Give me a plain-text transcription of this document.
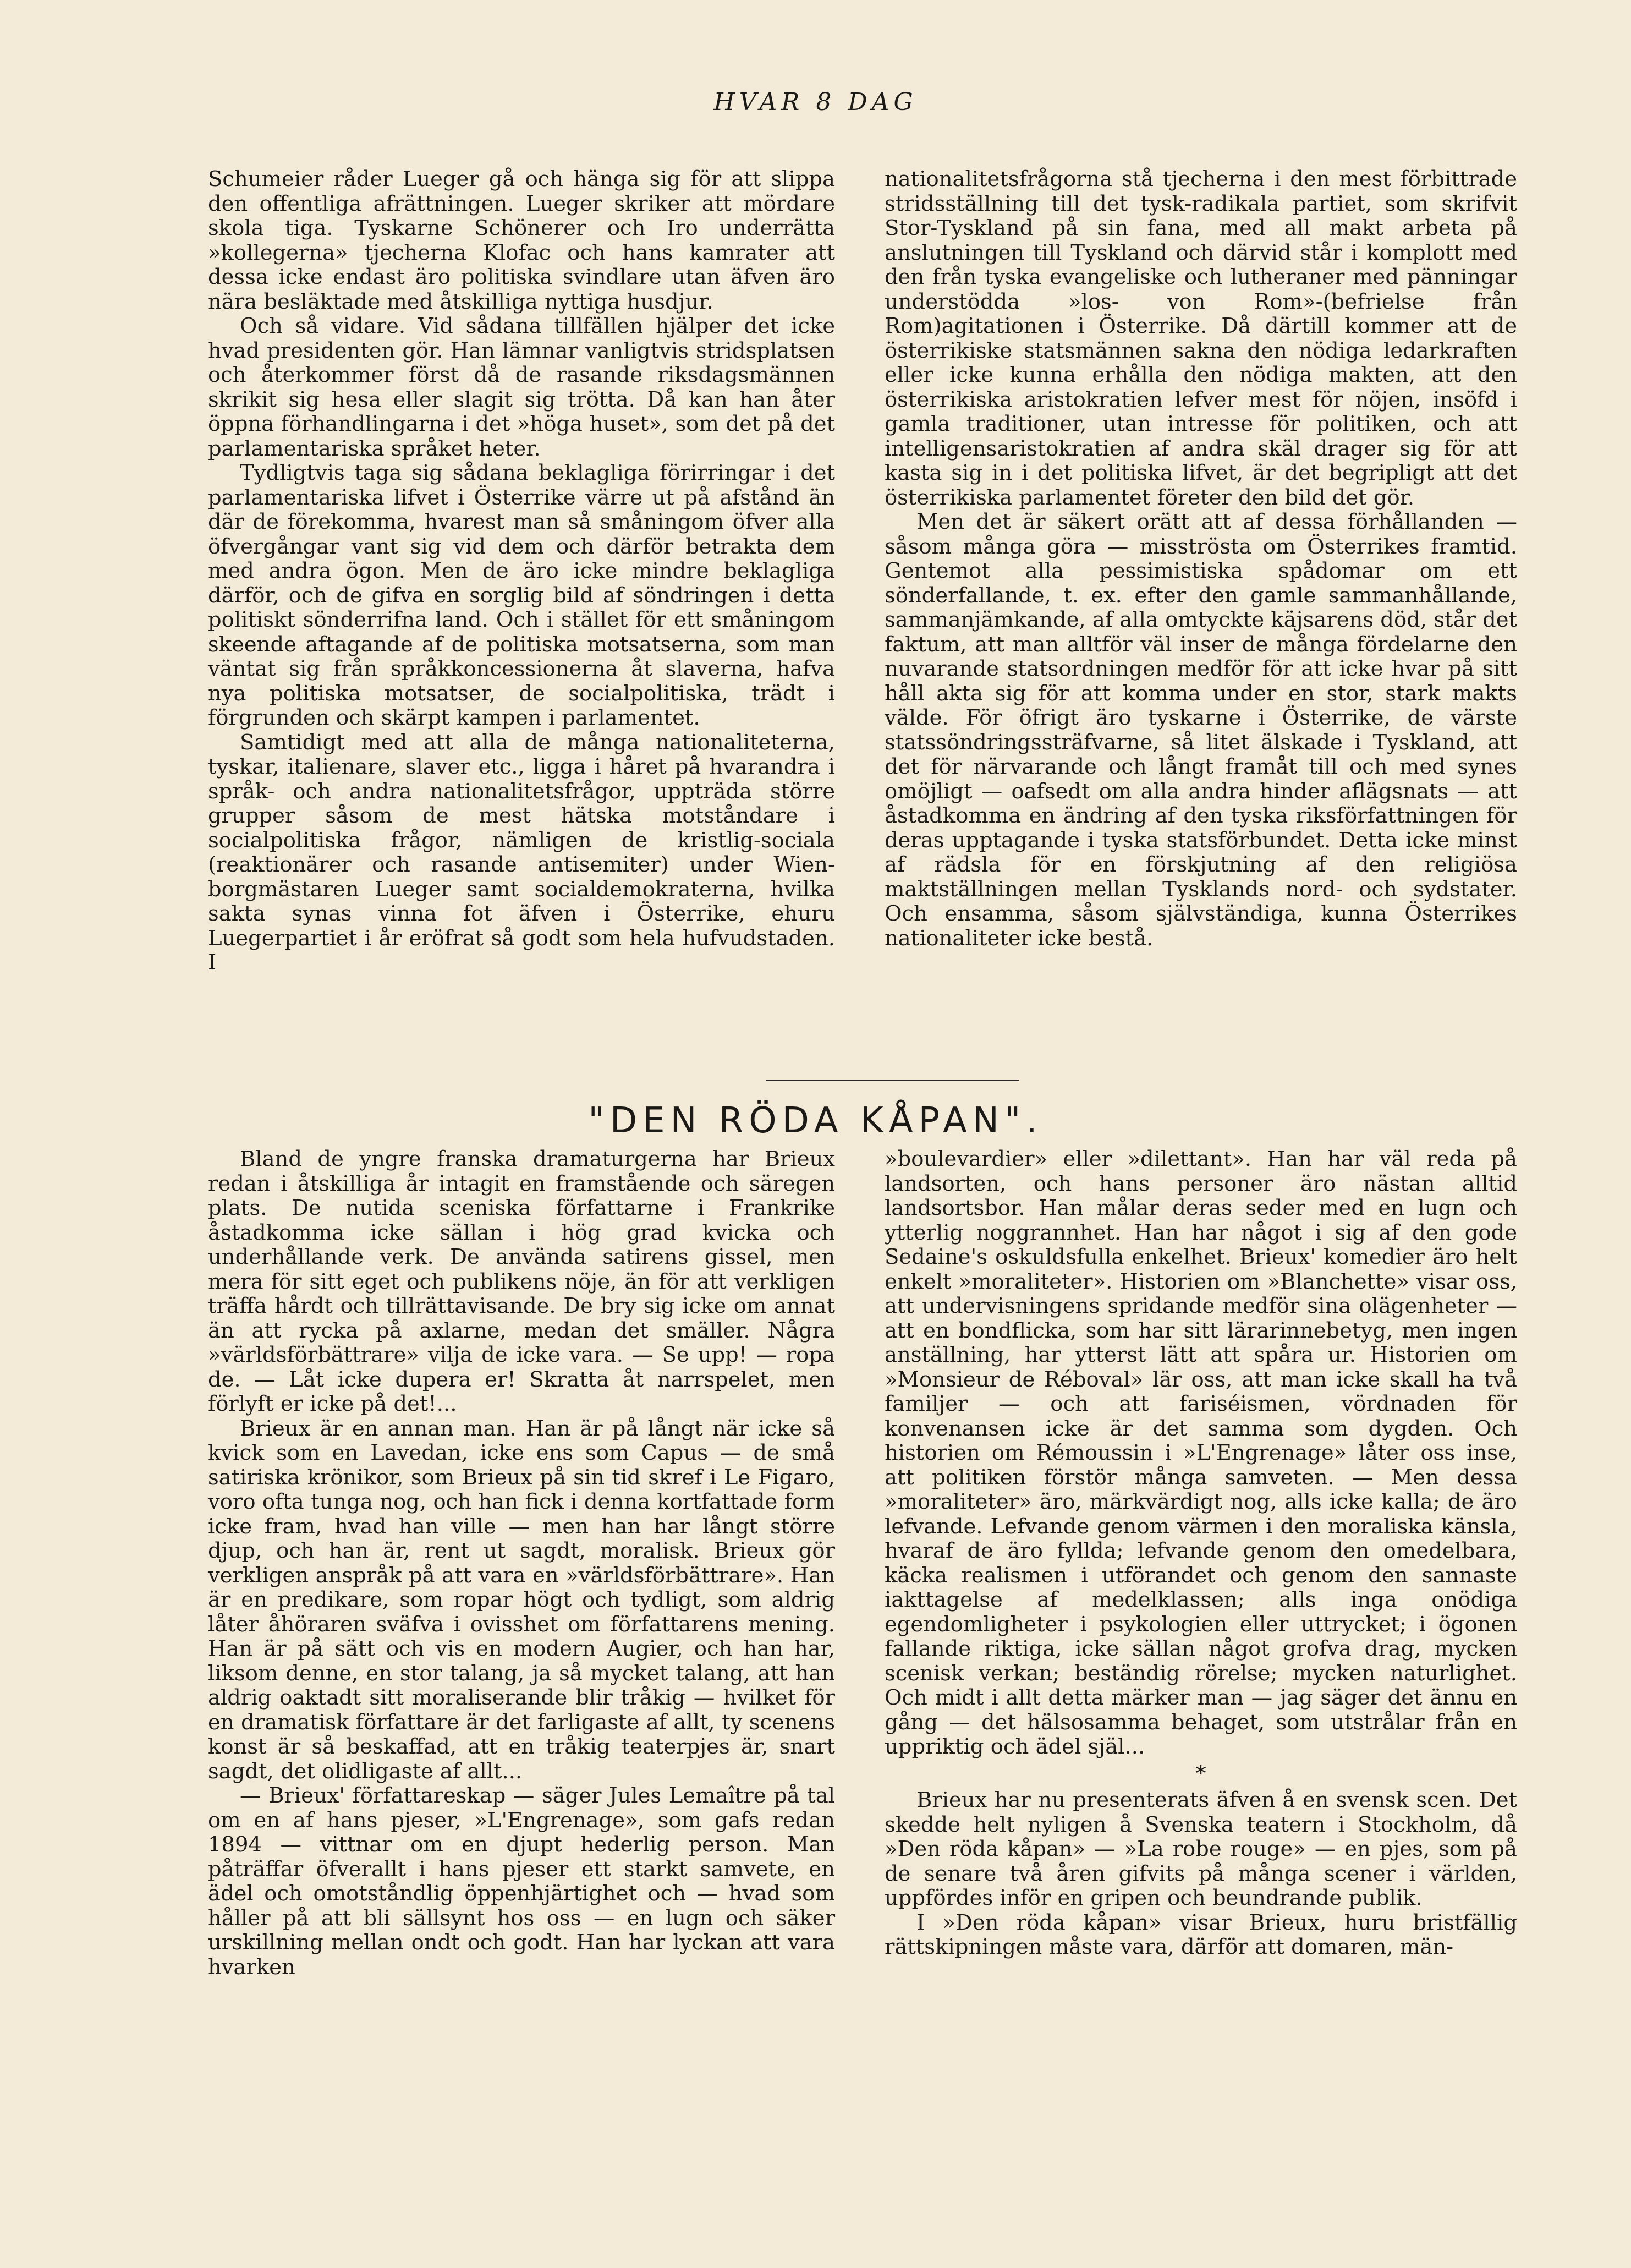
HVAR 8 DAG

Schumeier råder Lueger gå och hänga sig för att slippa den offentliga afrättningen. Lueger skriker att mördare skola tiga. Tyskarne Schönerer och Iro underrätta »kollegerna» tjecherna Klofac och hans kamrater att dessa icke endast äro politiska svindlare utan äfven äro nära besläktade med åtskilliga nyttiga husdjur.

Och så vidare. Vid sådana tillfällen hjälper det icke hvad presidenten gör. Han lämnar vanligtvis stridsplatsen och återkommer först då de rasande riksdagsmännen skrikit sig hesa eller slagit sig trötta. Då kan han åter öppna förhandlingarna i det »höga huset», som det på det parlamentariska språket heter.

Tydligtvis taga sig sådana beklagliga förirringar i det parlamentariska lifvet i Österrike värre ut på afstånd än där de förekomma, hvarest man så småningom öfver alla öfvergångar vant sig vid dem och därför betrakta dem med andra ögon. Men de äro icke mindre beklagliga därför, och de gifva en sorglig bild af söndringen i detta politiskt sönderrifna land. Och i stället för ett småningom skeende aftagande af de politiska motsatserna, som man väntat sig från språkkoncessionerna åt slaverna, hafva nya politiska motsatser, de socialpolitiska, trädt i förgrunden och skärpt kampen i parlamentet.

Samtidigt med att alla de många nationaliteterna, tyskar, italienare, slaver etc., ligga i håret på hvarandra i språk- och andra nationalitetsfrågor, uppträda större grupper såsom de mest hätska motståndare i socialpolitiska frågor, nämligen de kristlig-sociala (reaktionärer och rasande antisemiter) under Wien-borgmästaren Lueger samt socialdemokraterna, hvilka sakta synas vinna fot äfven i Österrike, ehuru Luegerpartiet i år eröfrat så godt som hela hufvudstaden. I

nationalitetsfrågorna stå tjecherna i den mest förbittrade stridsställning till det tysk-radikala partiet, som skrifvit Stor-Tyskland på sin fana, med all makt arbeta på anslutningen till Tyskland och därvid står i komplott med den från tyska evangeliske och lutheraner med pänningar understödda »los- von Rom»-(befrielse från Rom)agitationen i Österrike. Då därtill kommer att de österrikiske statsmännen sakna den nödiga ledarkraften eller icke kunna erhålla den nödiga makten, att den österrikiska aristokratien lefver mest för nöjen, insöfd i gamla traditioner, utan intresse för politiken, och att intelligensaristokratien af andra skäl drager sig för att kasta sig in i det politiska lifvet, är det begripligt att det österrikiska parlamentet företer den bild det gör.

Men det är säkert orätt att af dessa förhållanden — såsom många göra — misströsta om Österrikes framtid. Gentemot alla pessimistiska spådomar om ett sönderfallande, t. ex. efter den gamle sammanhållande, sammanjämkande, af alla omtyckte käjsarens död, står det faktum, att man alltför väl inser de många fördelarne den nuvarande statsordningen medför för att icke hvar på sitt håll akta sig för att komma under en stor, stark makts välde. För öfrigt äro tyskarne i Österrike, de värste statssöndringssträfvarne, så litet älskade i Tyskland, att det för närvarande och långt framåt till och med synes omöjligt — oafsedt om alla andra hinder aflägsnats — att åstadkomma en ändring af den tyska riksförfattningen för deras upptagande i tyska statsförbundet. Detta icke minst af rädsla för en förskjutning af den religiösa maktställningen mellan Tysklands nord- och sydstater. Och ensamma, såsom självständiga, kunna Österrikes nationaliteter icke bestå.

"DEN RÖDA KÅPAN".

Bland de yngre franska dramaturgerna har Brieux redan i åtskilliga år intagit en framstående och säregen plats. De nutida sceniska författarne i Frankrike åstadkomma icke sällan i hög grad kvicka och underhållande verk. De använda satirens gissel, men mera för sitt eget och publikens nöje, än för att verkligen träffa hårdt och tillrättavisande. De bry sig icke om annat än att rycka på axlarne, medan det smäller. Några »världsförbättrare» vilja de icke vara. — Se upp! — ropa de. — Låt icke dupera er! Skratta åt narrspelet, men förlyft er icke på det!...

Brieux är en annan man. Han är på långt när icke så kvick som en Lavedan, icke ens som Capus — de små satiriska krönikor, som Brieux på sin tid skref i Le Figaro, voro ofta tunga nog, och han fick i denna kortfattade form icke fram, hvad han ville — men han har långt större djup, och han är, rent ut sagdt, moralisk. Brieux gör verkligen anspråk på att vara en »världsförbättrare». Han är en predikare, som ropar högt och tydligt, som aldrig låter åhöraren sväfva i ovisshet om författarens mening. Han är på sätt och vis en modern Augier, och han har, liksom denne, en stor talang, ja så mycket talang, att han aldrig oaktadt sitt moraliserande blir tråkig — hvilket för en dramatisk författare är det farligaste af allt, ty scenens konst är så beskaffad, att en tråkig teaterpjes är, snart sagdt, det olidligaste af allt...

— Brieux' författareskap — säger Jules Lemaître på tal om en af hans pjeser, »L'Engrenage», som gafs redan 1894 — vittnar om en djupt hederlig person. Man påträffar öfverallt i hans pjeser ett starkt samvete, en ädel och omotståndlig öppenhjärtighet och — hvad som håller på att bli sällsynt hos oss — en lugn och säker urskillning mellan ondt och godt. Han har lyckan att vara hvarken

»boulevardier» eller »dilettant». Han har väl reda på landsorten, och hans personer äro nästan alltid landsortsbor. Han målar deras seder med en lugn och ytterlig noggrannhet. Han har något i sig af den gode Sedaine's oskuldsfulla enkelhet. Brieux' komedier äro helt enkelt »moraliteter». Historien om »Blanchette» visar oss, att undervisningens spridande medför sina olägenheter — att en bondflicka, som har sitt lärarinnebetyg, men ingen anställning, har ytterst lätt att spåra ur. Historien om »Monsieur de Réboval» lär oss, att man icke skall ha två familjer — och att fariséismen, vördnaden för konvenansen icke är det samma som dygden. Och historien om Rémoussin i »L'Engrenage» låter oss inse, att politiken förstör många samveten. — Men dessa »moraliteter» äro, märkvärdigt nog, alls icke kalla; de äro lefvande. Lefvande genom värmen i den moraliska känsla, hvaraf de äro fyllda; lefvande genom den omedelbara, käcka realismen i utförandet och genom den sannaste iakttagelse af medelklassen; alls inga onödiga egendomligheter i psykologien eller uttrycket; i ögonen fallande riktiga, icke sällan något grofva drag, mycken scenisk verkan; beständig rörelse; mycken naturlighet. Och midt i allt detta märker man — jag säger det ännu en gång — det hälsosamma behaget, som utstrålar från en uppriktig och ädel själ...

*

Brieux har nu presenterats äfven å en svensk scen. Det skedde helt nyligen å Svenska teatern i Stockholm, då »Den röda kåpan» — »La robe rouge» — en pjes, som på de senare två åren gifvits på många scener i världen, uppfördes inför en gripen och beundrande publik.

I »Den röda kåpan» visar Brieux, huru bristfällig rättskipningen måste vara, därför att domaren, män-
